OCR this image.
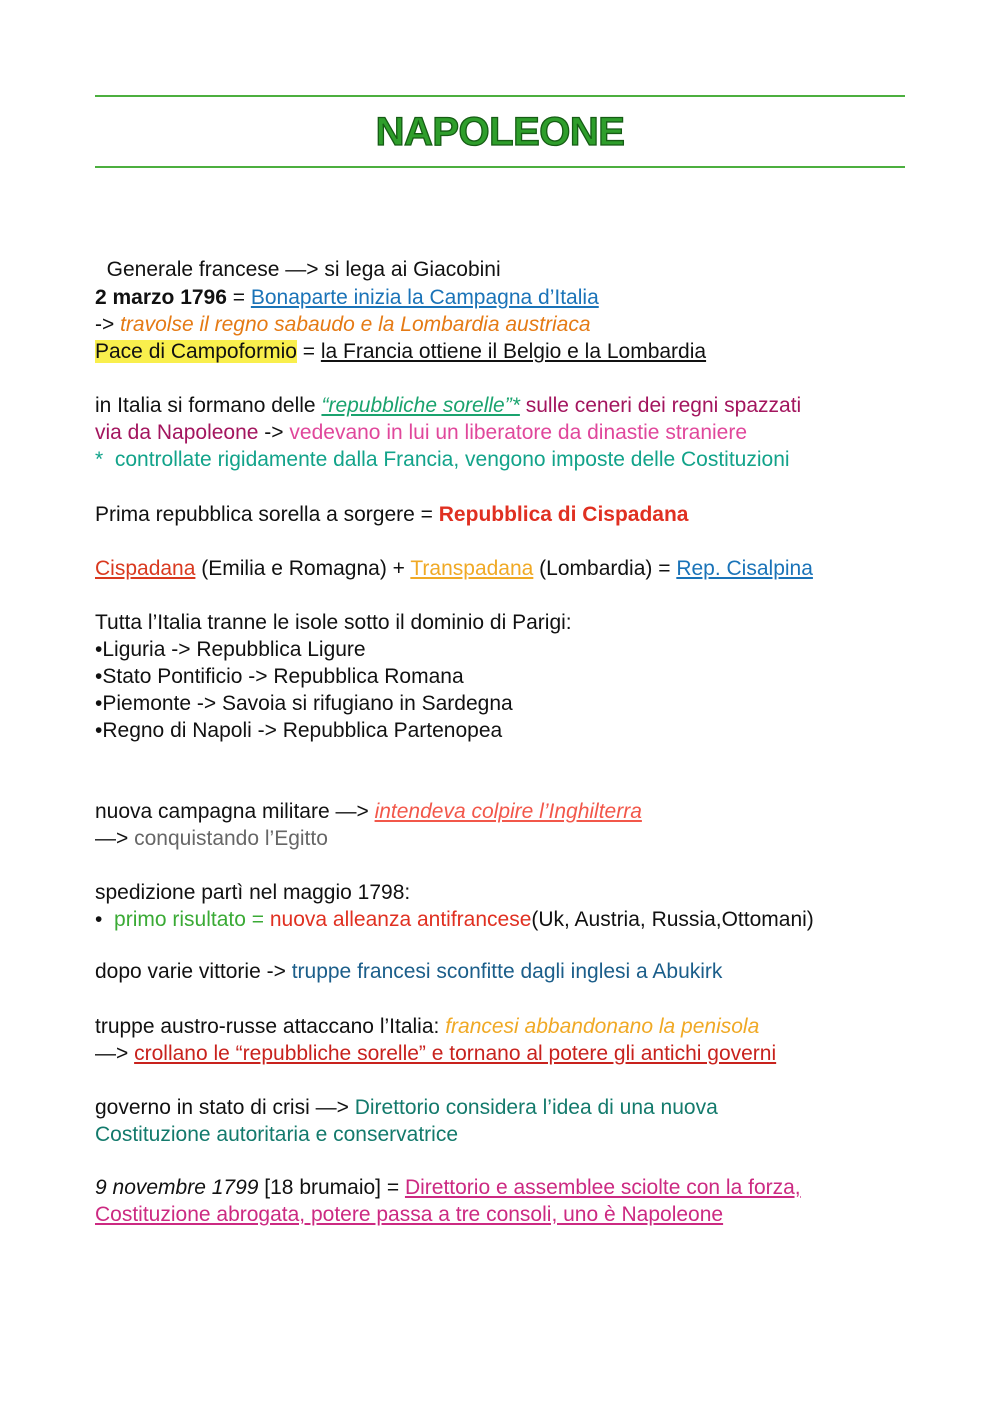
NAPOLEONE

Generale francese —> si lega ai Giacobini

2 marzo 1796 = Bonaparte inizia la Campagna d’Italia
-> travolse il regno sabaudo e la Lombardia austriaca
Pace di Campoformio = la Francia ottiene il Belgio e la Lombardia
in Italia si formano delle “repubbliche sorelle”* sulle ceneri dei regni spazzati
via da Napoleone -> vedevano in lui un liberatore da dinastie straniere
*  controllate rigidamente dalla Francia, vengono imposte delle Costituzioni
Prima repubblica sorella a sorgere = Repubblica di Cispadana
Cispadana (Emilia e Romagna) + Transpadana (Lombardia) = Rep. Cisalpina
Tutta l’Italia tranne le isole sotto il dominio di Parigi:
•Liguria -> Repubblica Ligure
•Stato Pontificio -> Repubblica Romana
•Piemonte -> Savoia si rifugiano in Sardegna
•Regno di Napoli -> Repubblica Partenopea
nuova campagna militare —> intendeva colpire l’Inghilterra
—> conquistando l’Egitto
spedizione partì nel maggio 1798:
•  primo risultato = nuova alleanza antifrancese(Uk, Austria, Russia,Ottomani)
dopo varie vittorie -> truppe francesi sconfitte dagli inglesi a Abukirk
truppe austro-russe attaccano l’Italia: francesi abbandonano la penisola
—> crollano le “repubbliche sorelle” e tornano al potere gli antichi governi
governo in stato di crisi —> Direttorio considera l’idea di una nuova
Costituzione autoritaria e conservatrice
9 novembre 1799 [18 brumaio] = Direttorio e assemblee sciolte con la forza,
Costituzione abrogata, potere passa a tre consoli, uno è Napoleone
